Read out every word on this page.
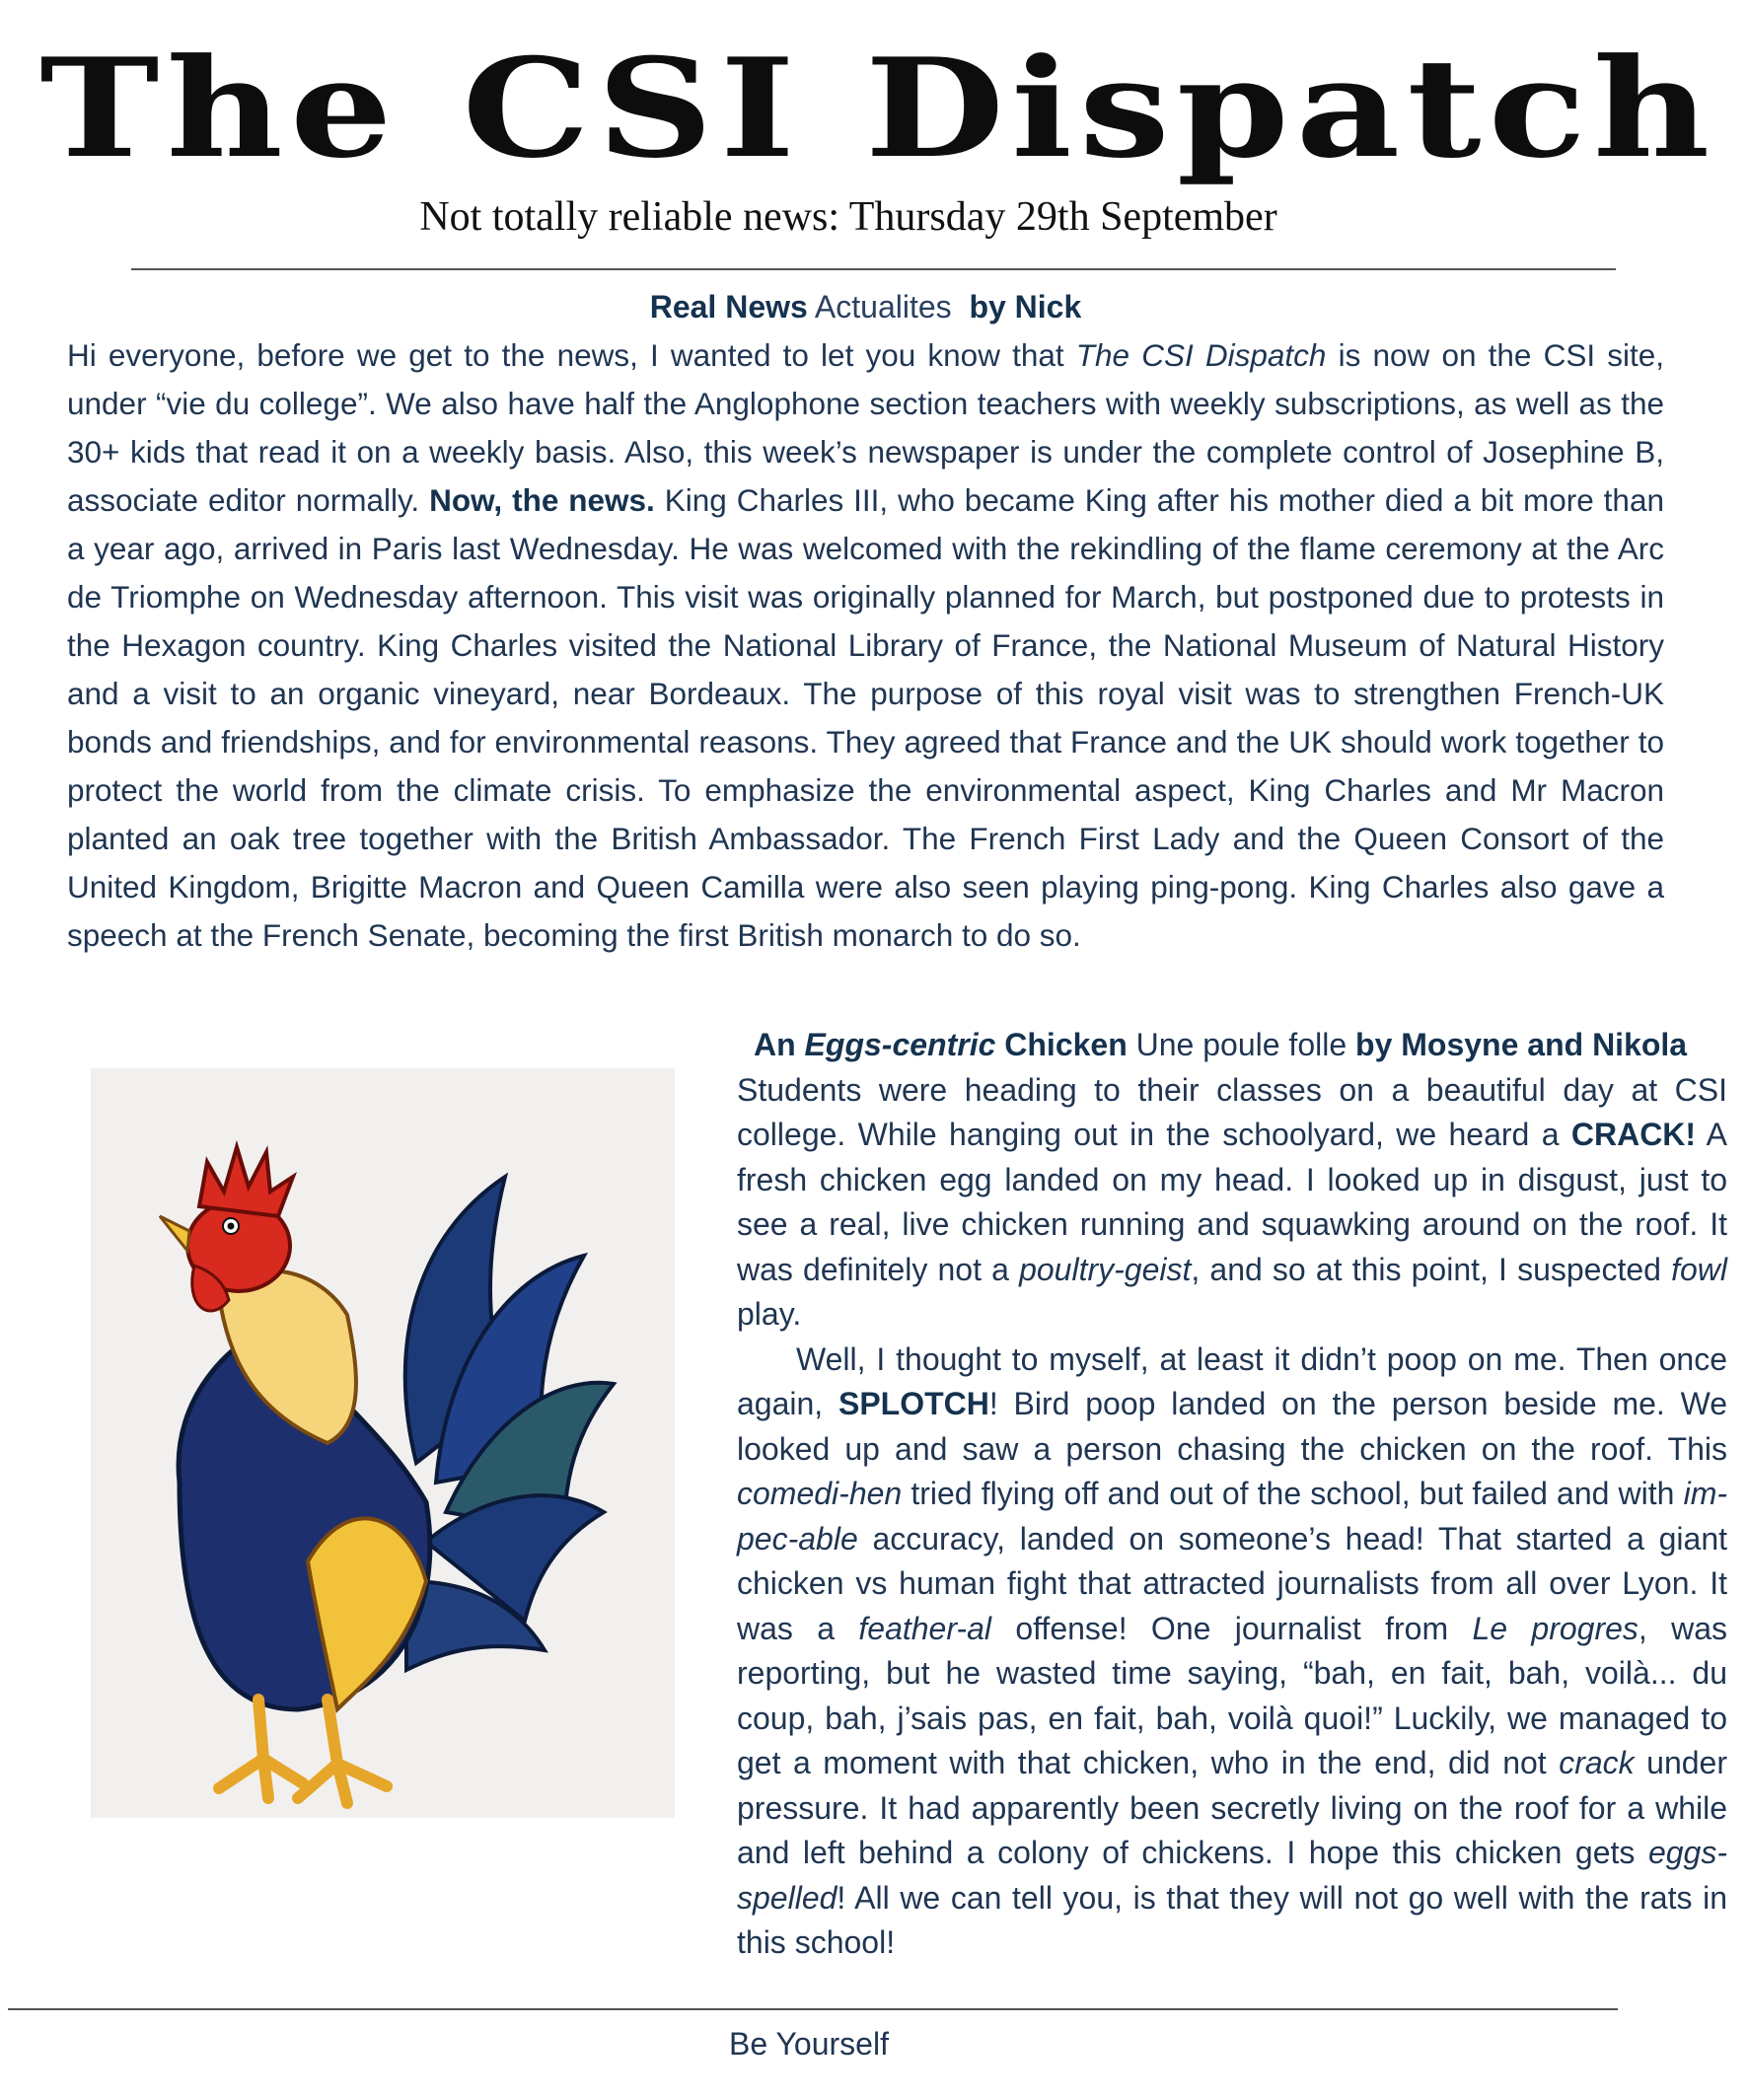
The CSI Dispatch
Not totally reliable news: Thursday 29th September
Real News Actualites by Nick
Hi everyone, before we get to the news, I wanted to let you know that The CSI Dispatch is now on the CSI site, under “vie du college”. We also have half the Anglophone section teachers with weekly subscriptions, as well as the 30+ kids that read it on a weekly basis. Also, this week’s newspaper is under the complete control of Josephine B, associate editor normally. Now, the news. King Charles III, who became King after his mother died a bit more than a year ago, arrived in Paris last Wednesday. He was welcomed with the rekindling of the flame ceremony at the Arc de Triomphe on Wednesday afternoon. This visit was originally planned for March, but postponed due to protests in the Hexagon country. King Charles visited the National Library of France, the National Museum of Natural History and a visit to an organic vineyard, near Bordeaux. The purpose of this royal visit was to strengthen French-UK bonds and friendships, and for environmental reasons. They agreed that France and the UK should work together to protect the world from the climate crisis. To emphasize the environmental aspect, King Charles and Mr Macron planted an oak tree together with the British Ambassador. The French First Lady and the Queen Consort of the United Kingdom, Brigitte Macron and Queen Camilla were also seen playing ping-pong. King Charles also gave a speech at the French Senate, becoming the first British monarch to do so.
An Eggs-centric Chicken Une poule folle by Mosyne and Nikola

Students were heading to their classes on a beautiful day at CSI college. While hanging out in the schoolyard, we heard a CRACK! A fresh chicken egg landed on my head. I looked up in disgust, just to see a real, live chicken running and squawking around on the roof. It was definitely not a poultry-geist, and so at this point, I suspected fowl play.

Well, I thought to myself, at least it didn’t poop on me. Then once again, SPLOTCH! Bird poop landed on the person beside me. We looked up and saw a person chasing the chicken on the roof. This comedi-hen tried flying off and out of the school, but failed and with im-pec-able accuracy, landed on someone’s head! That started a giant chicken vs human fight that attracted journalists from all over Lyon. It was a feather-al offense! One journalist from Le progres, was reporting, but he wasted time saying, “bah, en fait, bah, voilà... du coup, bah, j’sais pas, en fait, bah, voilà quoi!” Luckily, we managed to get a moment with that chicken, who in the end, did not crack under pressure. It had apparently been secretly living on the roof for a while and left behind a colony of chickens. I hope this chicken gets eggs-spelled! All we can tell you, is that they will not go well with the rats in this school!

Be Yourself
